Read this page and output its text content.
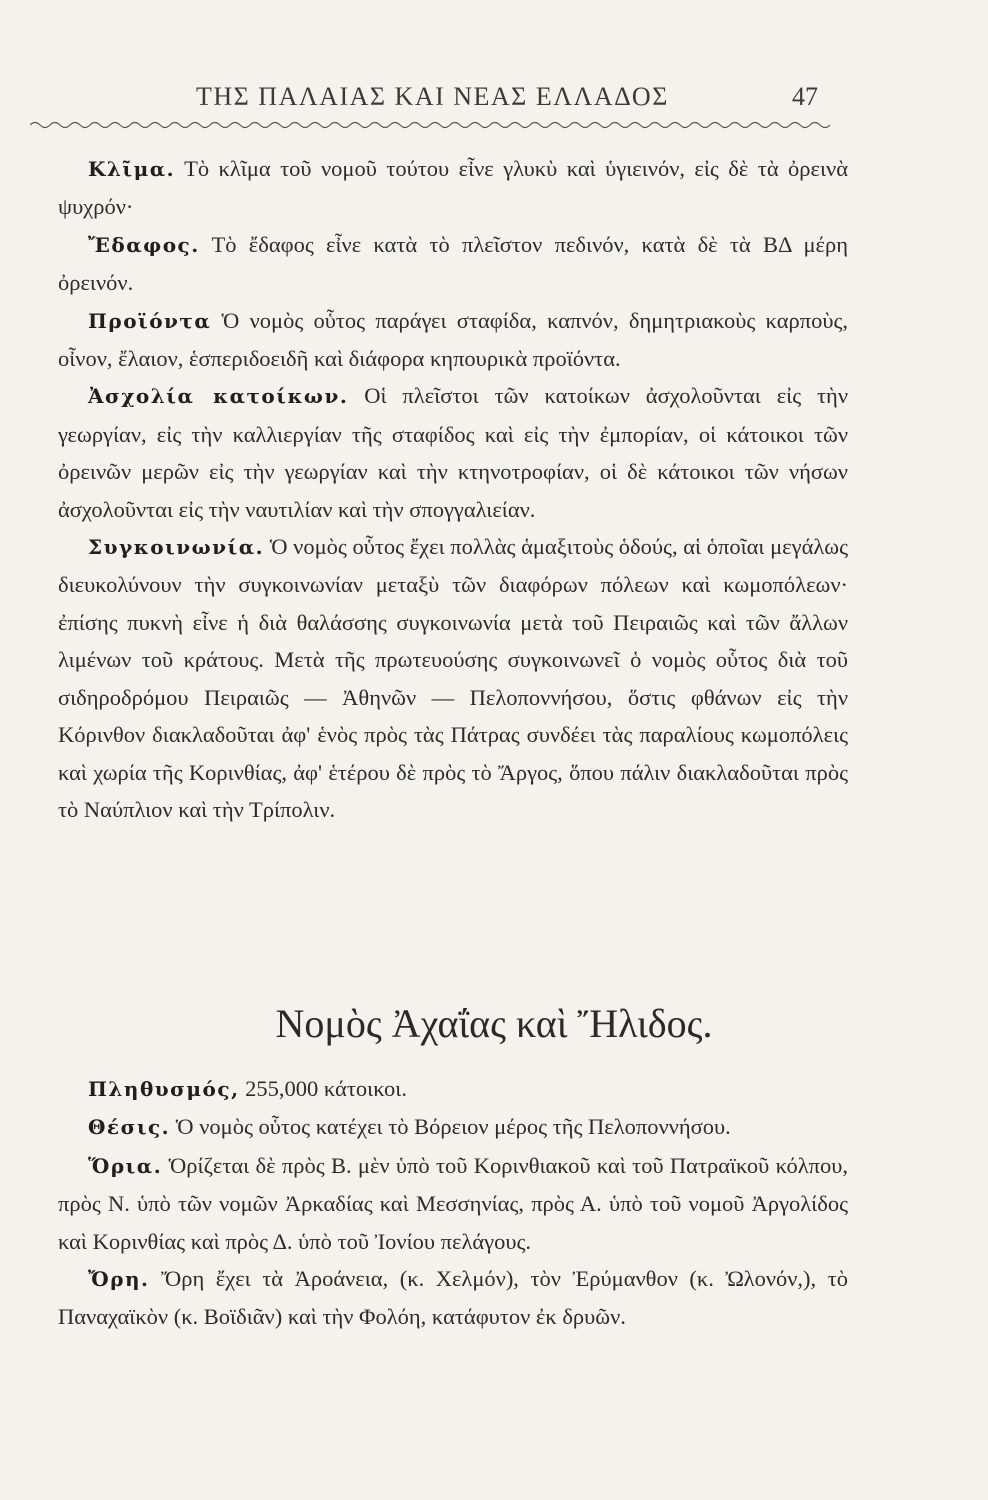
ΤΗΣ ΠΑΛΑΙΑΣ ΚΑΙ ΝΕΑΣ ΕΛΛΑΔΟΣ	47

Κλῖμα. Τὸ κλῖμα τοῦ νομοῦ τούτου εἶνε γλυκὺ καὶ ὑγιεινόν, εἰς δὲ τὰ ὀρεινὰ ψυχρόν·

Ἔδαφος. Τὸ ἔδαφος εἶνε κατὰ τὸ πλεῖστον πεδινόν, κατὰ δὲ τὰ ΒΔ μέρη ὀρεινόν.

Προϊόντα Ὁ νομὸς οὗτος παράγει σταφίδα, καπνόν, δημητριακοὺς καρποὺς, οἶνον, ἔλαιον, ἑσπεριδοειδῆ καὶ διάφορα κηπουρικὰ προϊόντα.

Ἀσχολία κατοίκων. Οἱ πλεῖστοι τῶν κατοίκων ἀσχολοῦνται εἰς τὴν γεωργίαν, εἰς τὴν καλλιεργίαν τῆς σταφίδος καὶ εἰς τὴν ἐμπορίαν, οἱ κάτοικοι τῶν ὀρεινῶν μερῶν εἰς τὴν γεωργίαν καὶ τὴν κτηνοτροφίαν, οἱ δὲ κάτοικοι τῶν νήσων ἀσχολοῦνται εἰς τὴν ναυτιλίαν καὶ τὴν σπογγαλιείαν.

Συγκοινωνία. Ὁ νομὸς οὗτος ἔχει πολλὰς ἁμαξιτοὺς ὁδούς, αἱ ὁποῖαι μεγάλως διευκολύνουν τὴν συγκοινωνίαν μεταξὺ τῶν διαφόρων πόλεων καὶ κωμοπόλεων· ἐπίσης πυκνὴ εἶνε ἡ διὰ θαλάσσης συγκοινωνία μετὰ τοῦ Πειραιῶς καὶ τῶν ἄλλων λιμένων τοῦ κράτους. Μετὰ τῆς πρωτευούσης συγκοινωνεῖ ὁ νομὸς οὗτος διὰ τοῦ σιδηροδρόμου Πειραιῶς — Ἀθηνῶν — Πελοποννήσου, ὅστις φθάνων εἰς τὴν Κόρινθον διακλαδοῦται ἀφ' ἑνὸς πρὸς τὰς Πάτρας συνδέει τὰς παραλίους κωμοπόλεις καὶ χωρία τῆς Κορινθίας, ἀφ' ἑτέρου δὲ πρὸς τὸ Ἄργος, ὅπου πάλιν διακλαδοῦται πρὸς τὸ Ναύπλιον καὶ τὴν Τρίπολιν.

Νομὸς Ἀχαΐας καὶ Ἤλιδος.

Πληθυσμός, 255,000 κάτοικοι.

Θέσις. Ὁ νομὸς οὗτος κατέχει τὸ Βόρειον μέρος τῆς Πελοποννήσου.

Ὅρια. Ὁρίζεται δὲ πρὸς Β. μὲν ὑπὸ τοῦ Κορινθιακοῦ καὶ τοῦ Πατραϊκοῦ κόλπου, πρὸς Ν. ὑπὸ τῶν νομῶν Ἀρκαδίας καὶ Μεσσηνίας, πρὸς Α. ὑπὸ τοῦ νομοῦ Ἀργολίδος καὶ Κορινθίας καὶ πρὸς Δ. ὑπὸ τοῦ Ἰονίου πελάγους.

Ὄρη. Ὄρη ἔχει τὰ Ἀροάνεια, (κ. Χελμόν), τὸν Ἐρύμανθον (κ. Ὠλονόν,), τὸ Παναχαϊκὸν (κ. Βοϊδιᾶν) καὶ τὴν Φολόη, κατάφυτον ἐκ δρυῶν.
